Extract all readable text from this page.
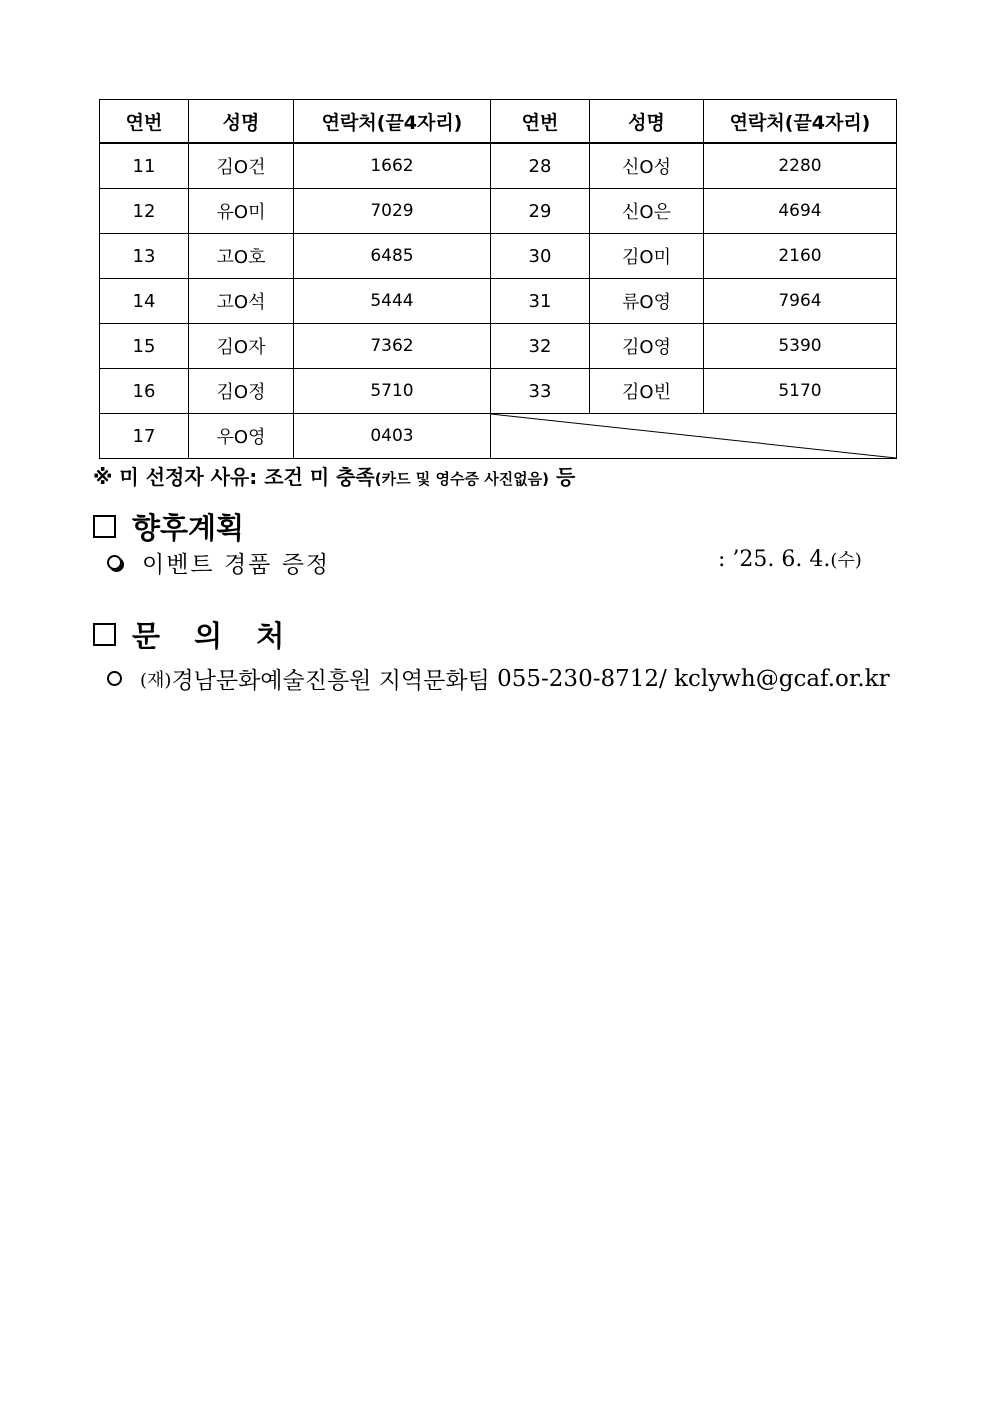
연번	성명	연락처(끝4자리)	연번	성명	연락처(끝4자리)
11	김O건	1662	28	신O성	2280
12	유O미	7029	29	신O은	4694
13	고O호	6485	30	김O미	2160
14	고O석	5444	31	류O영	7964
15	김O자	7362	32	김O영	5390
16	김O정	5710	33	김O빈	5170
17	우O영	0403	
※ 미 선정자 사유: 조건 미 충족(카드 및 영수증 사진없음) 등
향후계획
이벤트 경품 증정	: ’25. 6. 4.(수)
문 의 처
(재) 경남문화예술진흥원 지역문화팀
055-230-8712/
kclywh@gcaf.or.kr
